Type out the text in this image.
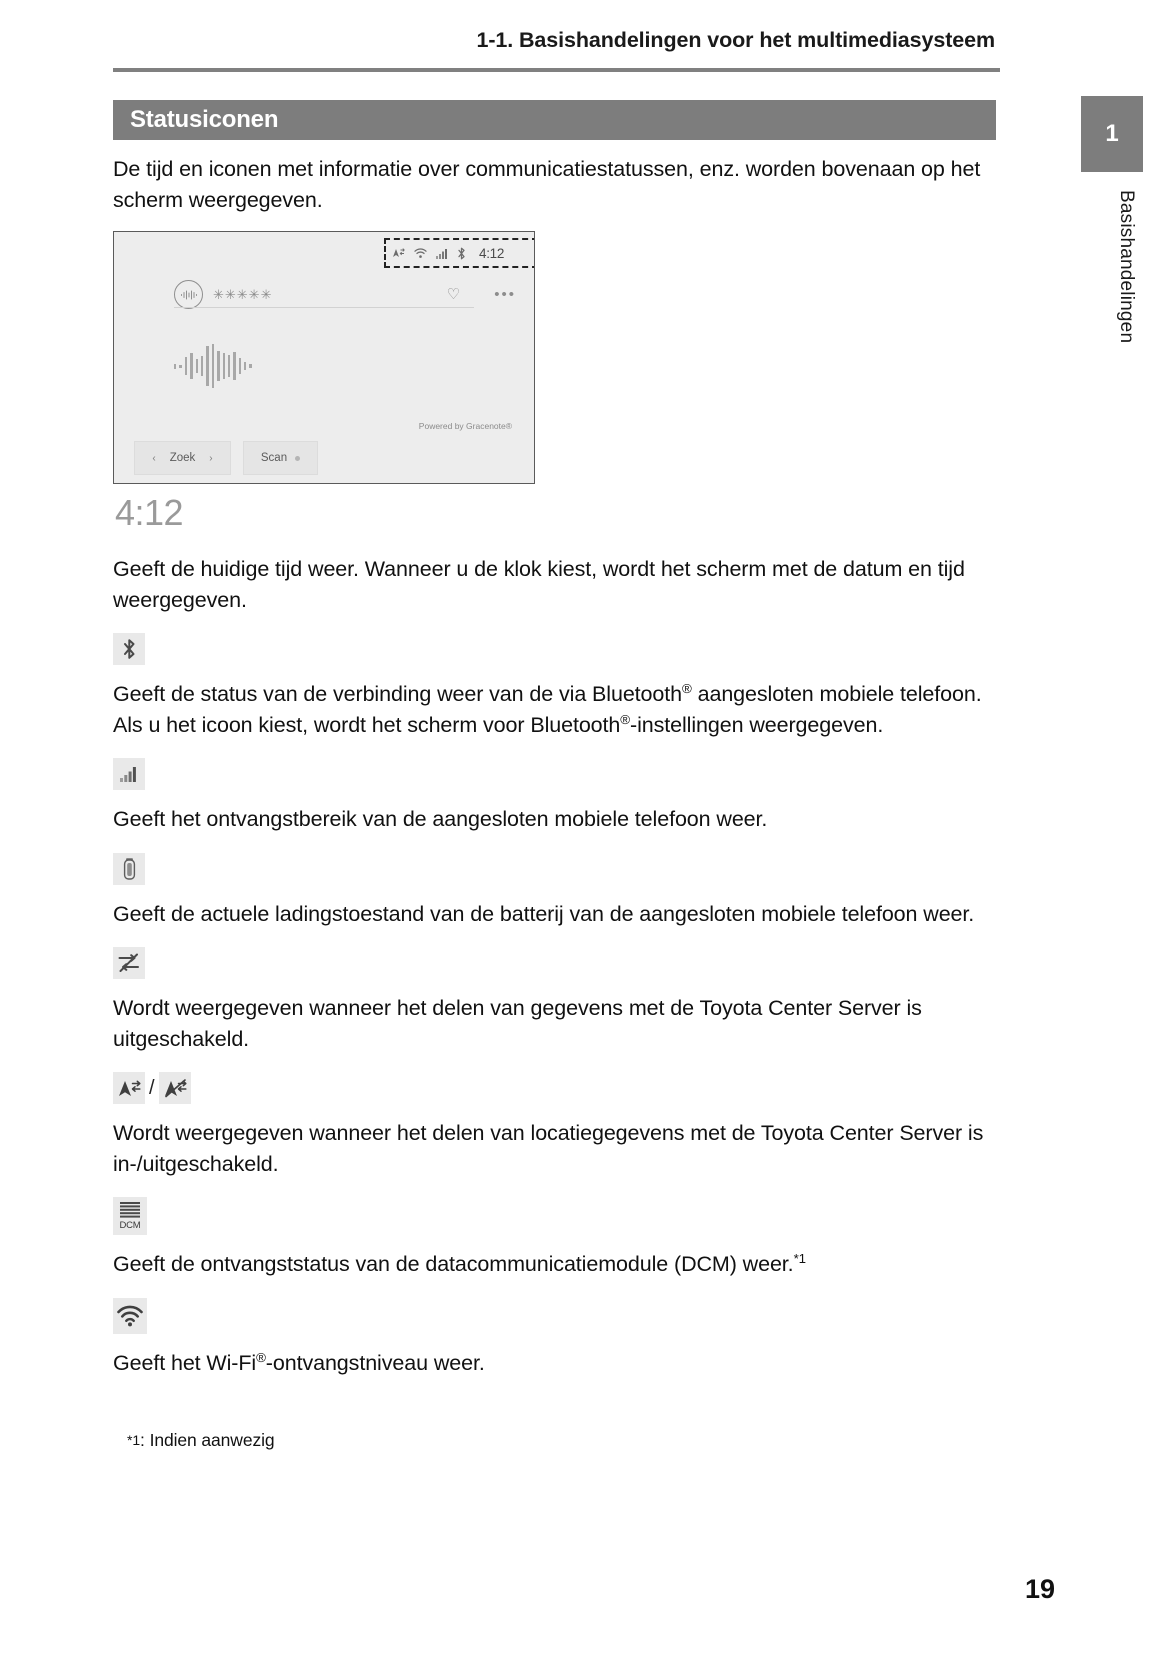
1-1. Basishandelingen voor het multimediasysteem
1
Basishandelingen
Statusiconen

De tijd en iconen met informatie over communicatiestatussen, enz. worden bovenaan op het scherm weergegeven.

4:12
✳✳✳✳✳	♡ •••
Powered by Gracenote®
‹ Zoek ›	Scan
4:12

Geeft de huidige tijd weer. Wanneer u de klok kiest, wordt het scherm met de datum en tijd weergegeven.

Geeft de status van de verbinding weer van de via Bluetooth® aangesloten mobiele telefoon. Als u het icoon kiest, wordt het scherm voor Bluetooth®-instellingen weergegeven.

Geeft het ontvangstbereik van de aangesloten mobiele telefoon weer.

Geeft de actuele ladingstoestand van de batterij van de aangesloten mobiele telefoon weer.

Wordt weergegeven wanneer het delen van gegevens met de Toyota Center Server is uitgeschakeld.

/

Wordt weergegeven wanneer het delen van locatiegegevens met de Toyota Center Server is in-/uitgeschakeld.

DCM

Geeft de ontvangststatus van de datacommunicatiemodule (DCM) weer.$^{*1}$

Geeft het Wi-Fi®-ontvangstniveau weer.

*1: Indien aanwezig
19
